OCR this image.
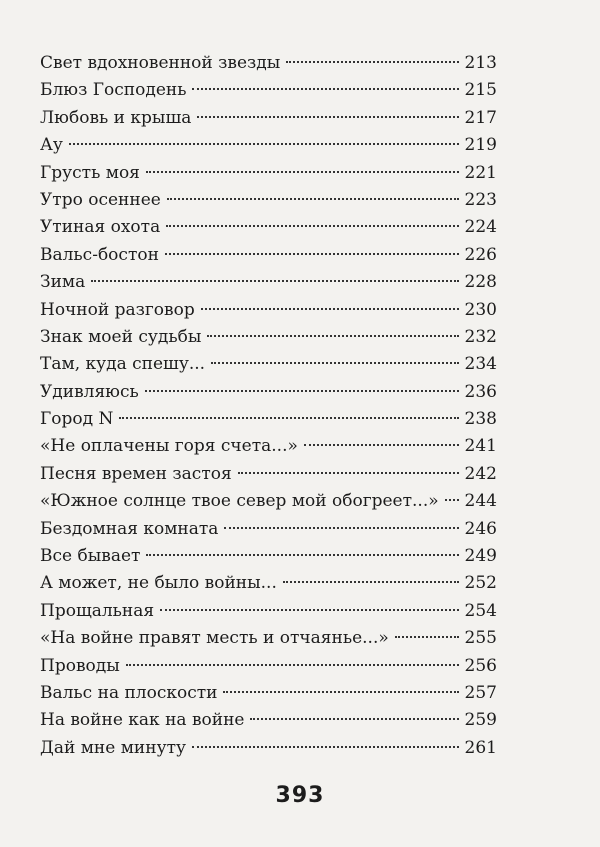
Свет вдохновенной звезды	213
Блюз Господень	215
Любовь и крыша	217
Ау	219
Грусть моя	221
Утро осеннее	223
Утиная охота	224
Вальс-бостон	226
Зима	228
Ночной разговор	230
Знак моей судьбы	232
Там, куда спешу...	234
Удивляюсь	236
Город N	238
«Не оплачены горя счета...»	241
Песня времен застоя	242
«Южное солнце твое север мой обогреет...» 244
Бездомная комната	246
Все бывает	249
А может, не было войны...	252
Прощальная	254
«На войне правят месть и отчаянье...»	255
Проводы	256
Вальс на плоскости	257
На войне как на войне	259
Дай мне минуту	261
393
